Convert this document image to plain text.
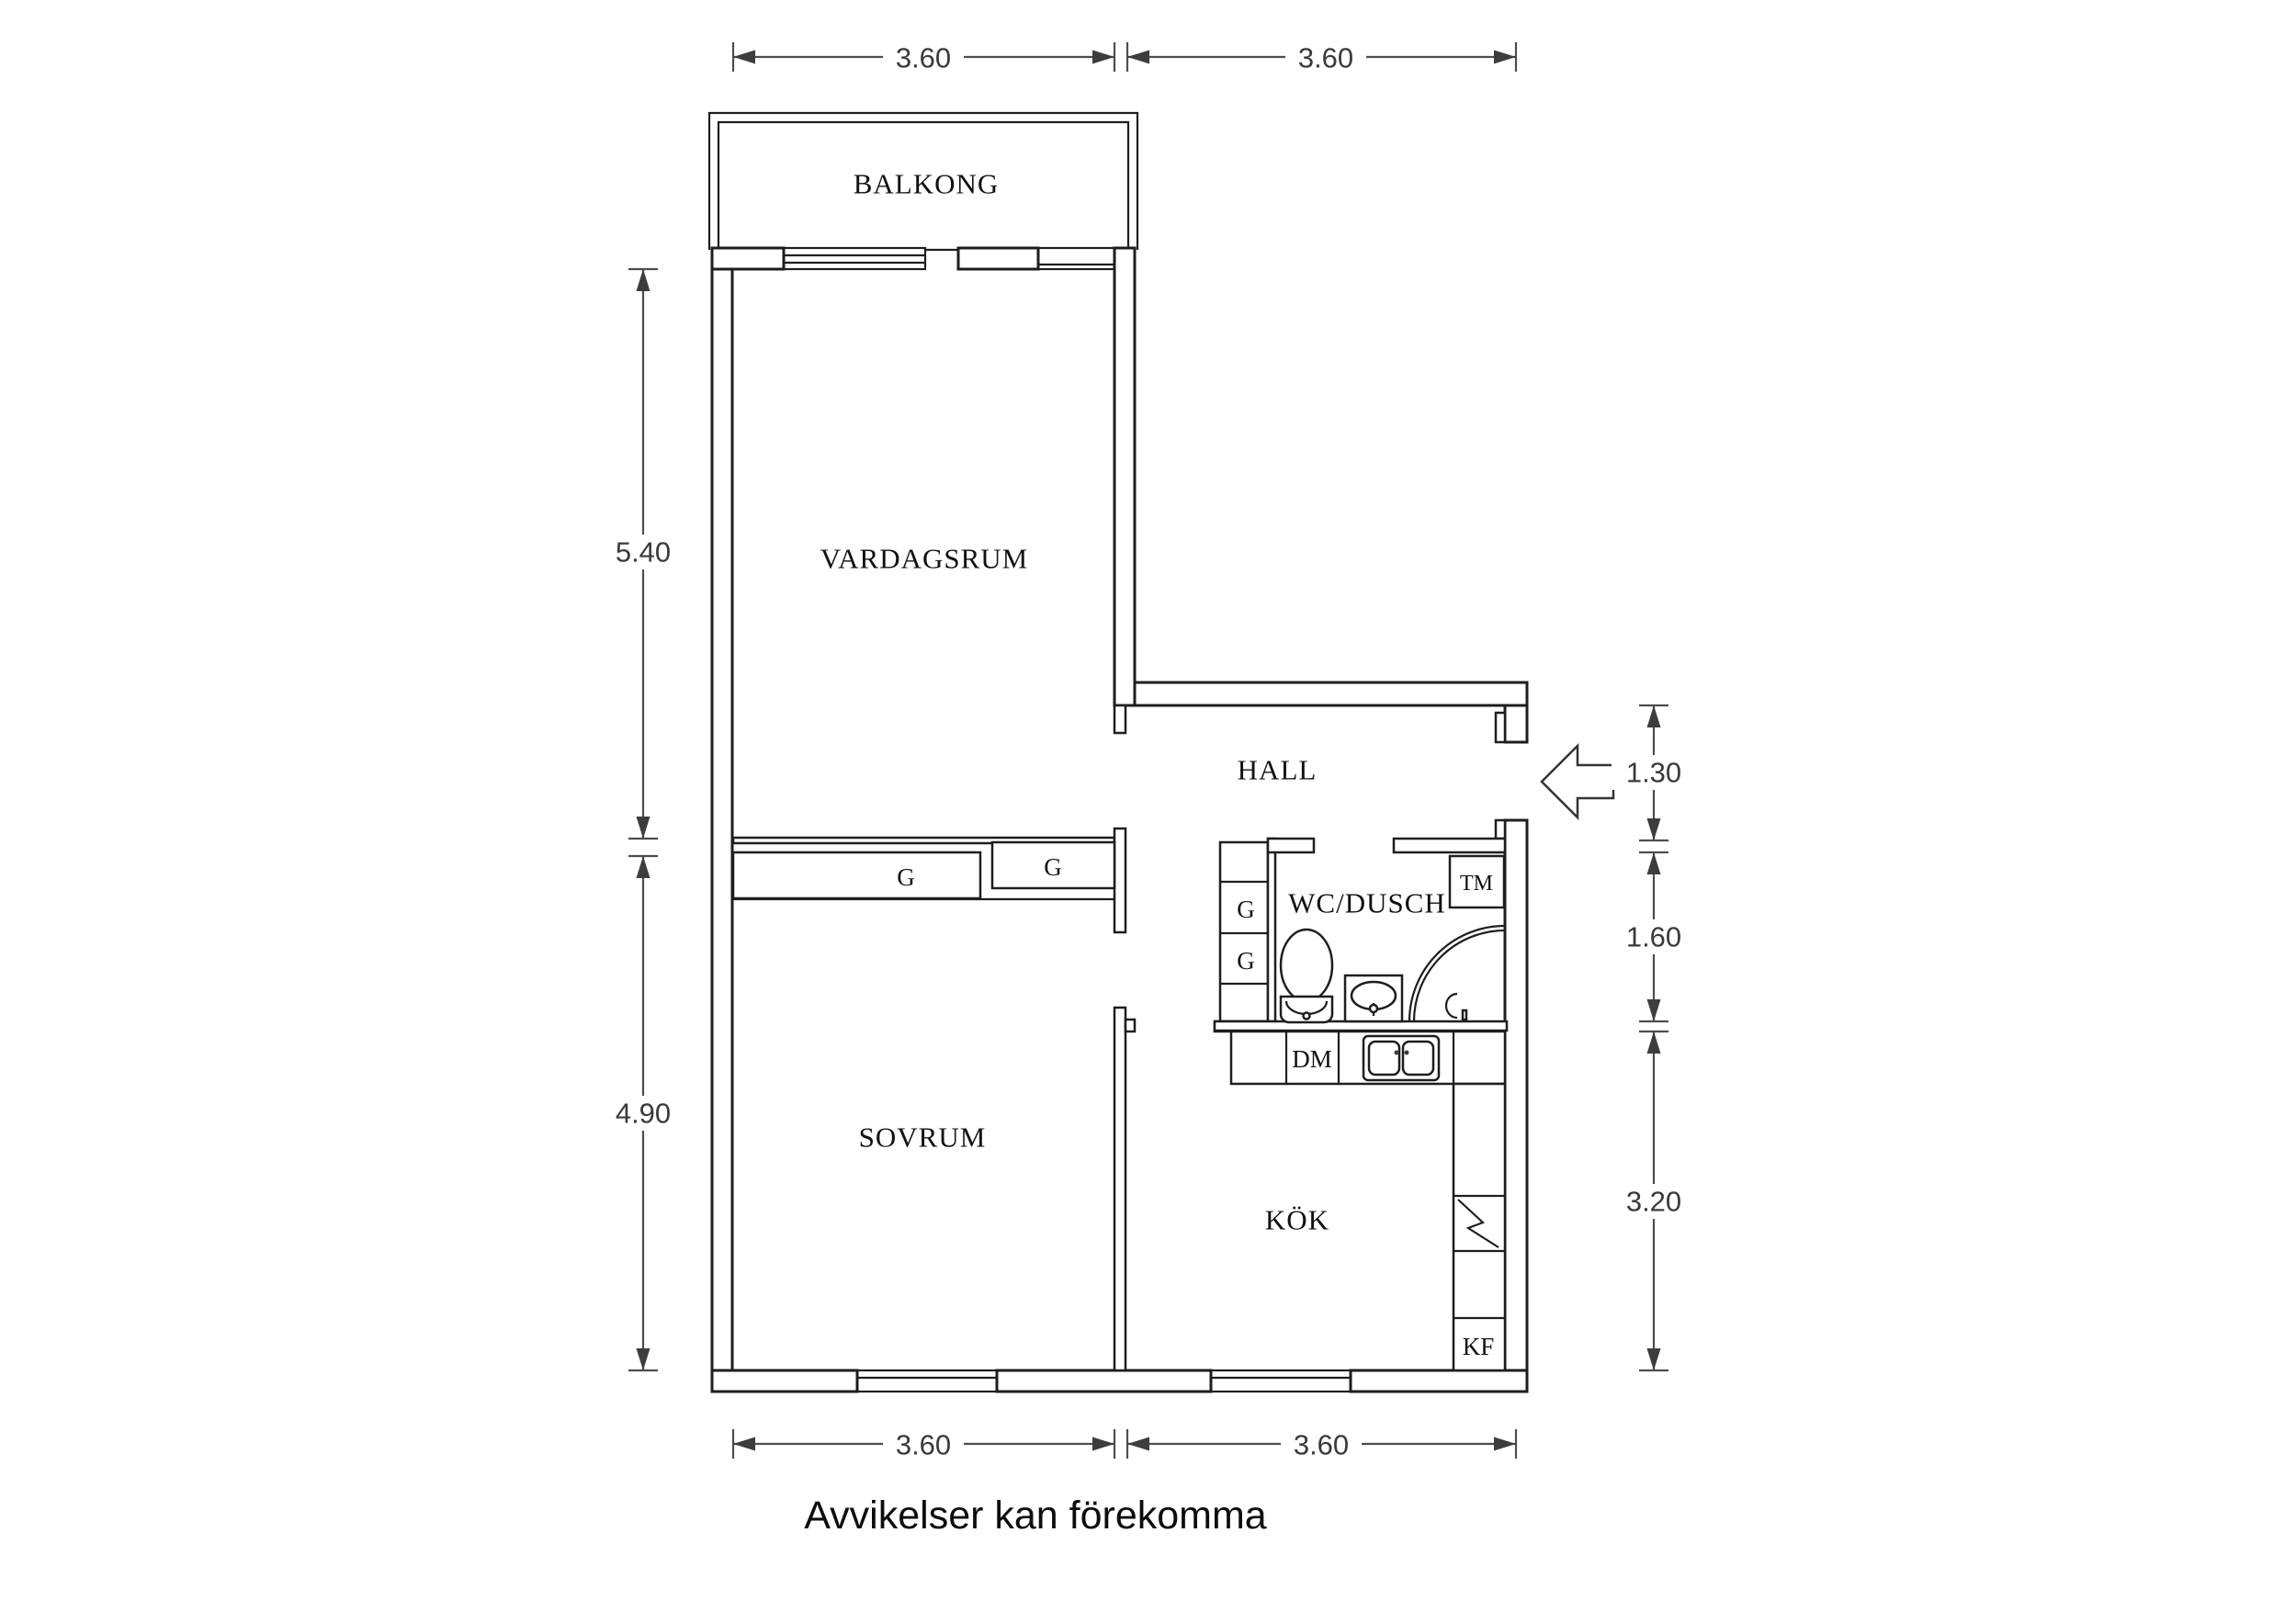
BALKONG
G	G
G
G
TM
DM
KF
VARDAGSRUM
HALL
WC/DUSCH
SOVRUM
KÖK
3.60	3.60
5.40
4.90
1.30
1.60
3.20
3.60	3.60
Avvikelser kan förekomma
